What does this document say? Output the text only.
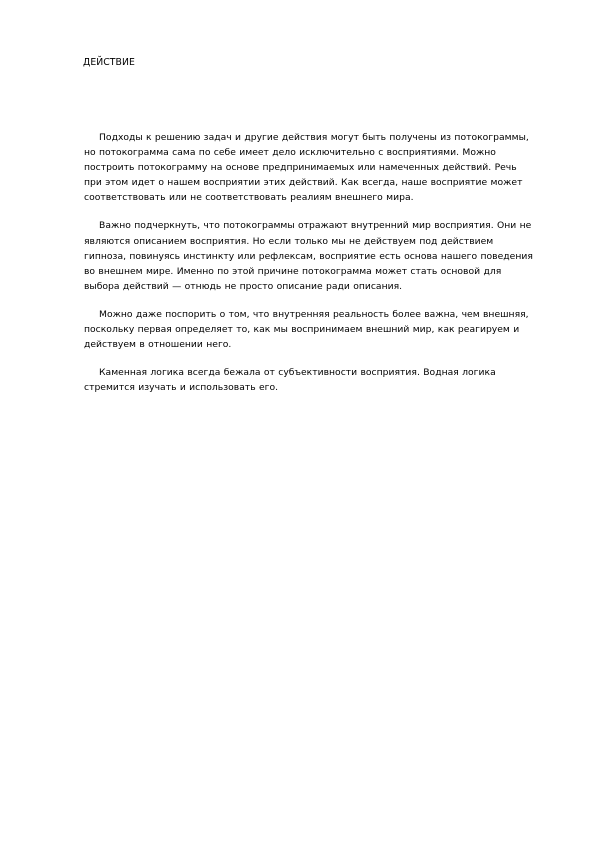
ДЕЙСТВИЕ

Подходы к решению задач и другие действия могут быть получены из потокограммы, но потокограмма сама по себе имеет дело исключительно с восприятиями. Можно построить потокограмму на основе предпринимаемых или намеченных действий. Речь при этом идет о нашем восприятии этих действий. Как всегда, наше восприятие может соответствовать или не соответствовать реалиям внешнего мира.

Важно подчеркнуть, что потокограммы отражают внутренний мир восприятия. Они не являются описанием восприятия. Но если только мы не действуем под действием гипноза, повинуясь инстинкту или рефлексам, восприятие есть основа нашего поведения во внешнем мире. Именно по этой причине потокограмма может стать основой для выбора действий — отнюдь не просто описание ради описания.

Можно даже поспорить о том, что внутренняя реальность более важна, чем внешняя, поскольку первая определяет то, как мы воспринимаем внешний мир, как реагируем и действуем в отношении него.

Каменная логика всегда бежала от субъективности восприятия. Водная логика стремится изучать и использовать его.
